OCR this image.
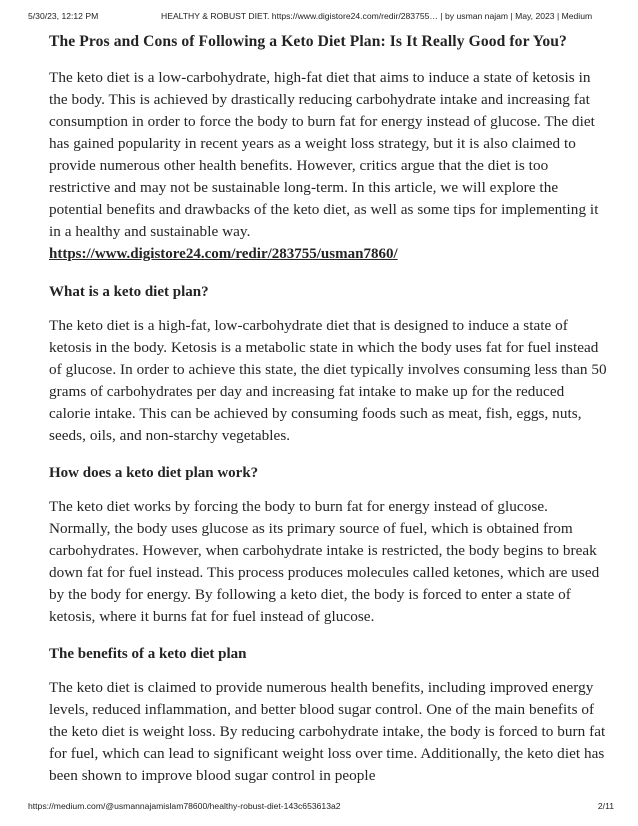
5/30/23, 12:12 PM	HEALTHY & ROBUST DIET. https://www.digistore24.com/redir/283755… | by usman najam | May, 2023 | Medium
The Pros and Cons of Following a Keto Diet Plan: Is It Really Good for You?

The keto diet is a low-carbohydrate, high-fat diet that aims to induce a state of ketosis in the body. This is achieved by drastically reducing carbohydrate intake and increasing fat consumption in order to force the body to burn fat for energy instead of glucose. The diet has gained popularity in recent years as a weight loss strategy, but it is also claimed to provide numerous other health benefits. However, critics argue that the diet is too restrictive and may not be sustainable long-term. In this article, we will explore the potential benefits and drawbacks of the keto diet, as well as some tips for implementing it in a healthy and sustainable way.

https://www.digistore24.com/redir/283755/usman7860/
What is a keto diet plan?

The keto diet is a high-fat, low-carbohydrate diet that is designed to induce a state of ketosis in the body. Ketosis is a metabolic state in which the body uses fat for fuel instead of glucose. In order to achieve this state, the diet typically involves consuming less than 50 grams of carbohydrates per day and increasing fat intake to make up for the reduced calorie intake. This can be achieved by consuming foods such as meat, fish, eggs, nuts, seeds, oils, and non-starchy vegetables.

How does a keto diet plan work?

The keto diet works by forcing the body to burn fat for energy instead of glucose. Normally, the body uses glucose as its primary source of fuel, which is obtained from carbohydrates. However, when carbohydrate intake is restricted, the body begins to break down fat for fuel instead. This process produces molecules called ketones, which are used by the body for energy. By following a keto diet, the body is forced to enter a state of ketosis, where it burns fat for fuel instead of glucose.

The benefits of a keto diet plan

The keto diet is claimed to provide numerous health benefits, including improved energy levels, reduced inflammation, and better blood sugar control. One of the main benefits of the keto diet is weight loss. By reducing carbohydrate intake, the body is forced to burn fat for fuel, which can lead to significant weight loss over time. Additionally, the keto diet has been shown to improve blood sugar control in people

https://medium.com/@usmannajamislam78600/healthy-robust-diet-143c653613a2	2/11
